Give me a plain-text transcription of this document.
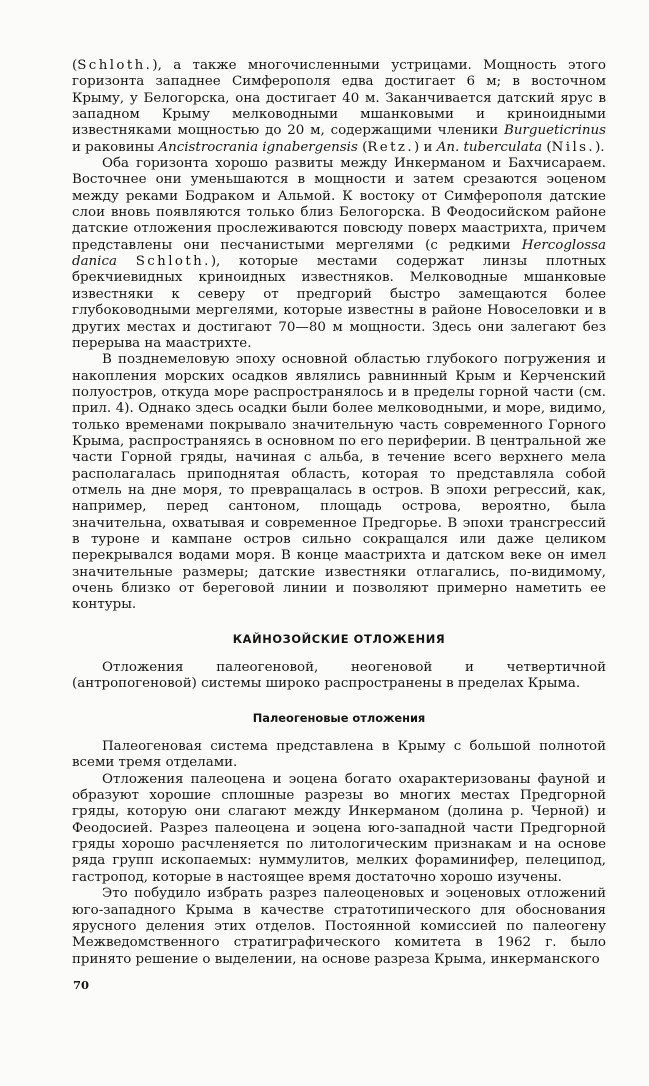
(Schloth.), а также многочисленными устрицами. Мощность этого горизонта западнее Симферополя едва достигает 6 м; в восточном Крыму, у Белогорска, она достигает 40 м. Заканчивается датский ярус в западном Крыму мелководными мшанковыми и криноидными известняками мощностью до 20 м, содержащими членики Burgueticrinus и раковины Ancistrocrania ignabergensis (Retz.) и An. tuberculata (Nils.).

Оба горизонта хорошо развиты между Инкерманом и Бахчисараем. Восточнее они уменьшаются в мощности и затем срезаются эоценом между реками Бодраком и Альмой. К востоку от Симферополя датские слои вновь появляются только близ Белогорска. В Феодосийском районе датские отложения прослеживаются повсюду поверх маастрихта, причем представлены они песчанистыми мергелями (с редкими Hercoglossa danica Schloth.), которые местами содержат линзы плотных брекчиевидных криноидных известняков. Мелководные мшанковые известняки к северу от предгорий быстро замещаются более глубоководными мергелями, которые известны в районе Новоселовки и в других местах и достигают 70—80 м мощности. Здесь они залегают без перерыва на маастрихте.

В позднемеловую эпоху основной областью глубокого погружения и накопления морских осадков являлись равнинный Крым и Керченский полуостров, откуда море распространялось и в пределы горной части (см. прил. 4). Однако здесь осадки были более мелководными, и море, видимо, только временами покрывало значительную часть современного Горного Крыма, распространяясь в основном по его периферии. В центральной же части Горной гряды, начиная с альба, в течение всего верхнего мела располагалась приподнятая область, которая то представляла собой отмель на дне моря, то превращалась в остров. В эпохи регрессий, как, например, перед сантоном, площадь острова, вероятно, была значительна, охватывая и современное Предгорье. В эпохи трансгрессий в туроне и кампане остров сильно сокращался или даже целиком перекрывался водами моря. В конце маастрихта и датском веке он имел значительные размеры; датские известняки отлагались, по-видимому, очень близко от береговой линии и позволяют примерно наметить ее контуры.

КАЙНОЗОЙСКИЕ ОТЛОЖЕНИЯ

Отложения палеогеновой, неогеновой и четвертичной (антропогеновой) системы широко распространены в пределах Крыма.

Палеогеновые отложения

Палеогеновая система представлена в Крыму с большой полнотой всеми тремя отделами.

Отложения палеоцена и эоцена богато охарактеризованы фауной и образуют хорошие сплошные разрезы во многих местах Предгорной гряды, которую они слагают между Инкерманом (долина р. Черной) и Феодосией. Разрез палеоцена и эоцена юго-западной части Предгорной гряды хорошо расчленяется по литологическим признакам и на основе ряда групп ископаемых: нуммулитов, мелких фораминифер, пелеципод, гастропод, которые в настоящее время достаточно хорошо изучены.

Это побудило избрать разрез палеоценовых и эоценовых отложений юго-западного Крыма в качестве стратотипического для обоснования ярусного деления этих отделов. Постоянной комиссией по палеогену Межведомственного стратиграфического комитета в 1962 г. было принято решение о выделении, на основе разреза Крыма, инкерманского

70
